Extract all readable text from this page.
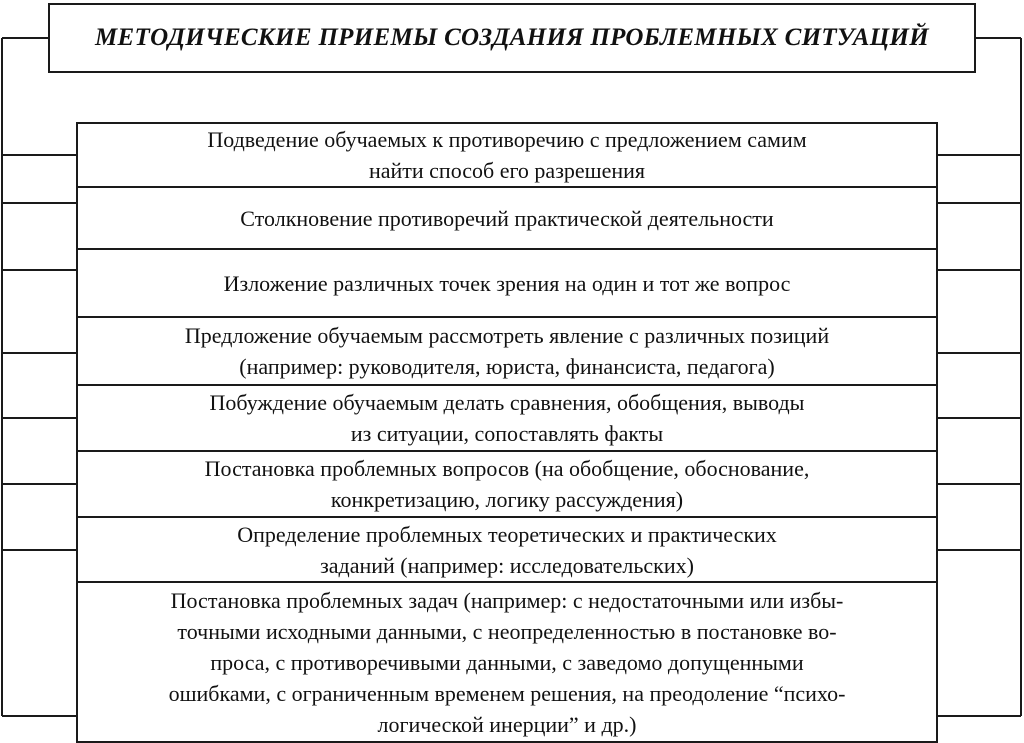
МЕТОДИЧЕСКИЕ ПРИЕМЫ СОЗДАНИЯ ПРОБЛЕМНЫХ СИТУАЦИЙ
Подведение обучаемых к противоречию с предложением самим
найти способ его разрешения
Столкновение противоречий практической деятельности
Изложение различных точек зрения на один и тот же вопрос
Предложение обучаемым рассмотреть явление с различных позиций
(например: руководителя, юриста, финансиста, педагога)
Побуждение обучаемым делать сравнения, обобщения, выводы
из ситуации, сопоставлять факты
Постановка проблемных вопросов (на обобщение, обоснование,
конкретизацию, логику рассуждения)
Определение проблемных теоретических и практических
заданий (например: исследовательских)
Постановка проблемных задач (например: с недостаточными или избы-
точными исходными данными, с неопределенностью в постановке во-
проса, с противоречивыми данными, с заведомо допущенными
ошибками, с ограниченным временем решения, на преодоление “психо-
логической инерции” и др.)
